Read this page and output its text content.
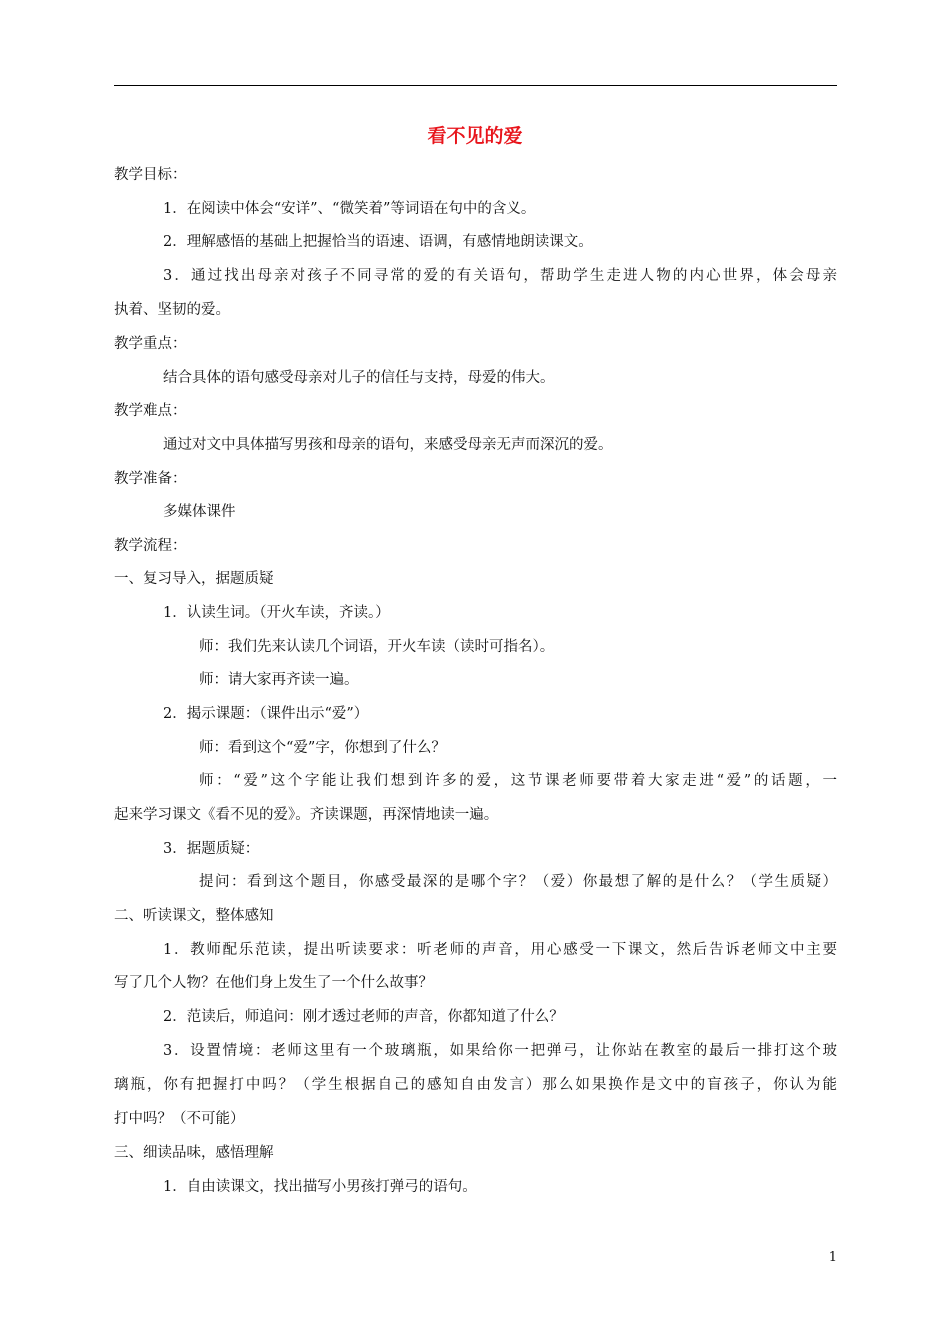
看不见的爱
教学目标：
1．在阅读中体会“安详”、“微笑着”等词语在句中的含义。
2．理解感悟的基础上把握恰当的语速、语调，有感情地朗读课文。
3．通过找出母亲对孩子不同寻常的爱的有关语句，帮助学生走进人物的内心世界，体会母亲
执着、坚韧的爱。
教学重点：
结合具体的语句感受母亲对儿子的信任与支持，母爱的伟大。
教学难点：
通过对文中具体描写男孩和母亲的语句，来感受母亲无声而深沉的爱。
教学准备：
多媒体课件
教学流程：
一、复习导入，据题质疑
1．认读生词。（开火车读，齐读。）
师：我们先来认读几个词语，开火车读（读时可指名）。
师：请大家再齐读一遍。
2．揭示课题：（课件出示“爱”）
师：看到这个“爱”字，你想到了什么？
师：“爱”这个字能让我们想到许多的爱，这节课老师要带着大家走进“爱”的话题，一
起来学习课文《看不见的爱》。齐读课题，再深情地读一遍。
3．据题质疑：
提问：看到这个题目，你感受最深的是哪个字？（爱）你最想了解的是什么？（学生质疑）
二、听读课文，整体感知
1．教师配乐范读，提出听读要求：听老师的声音，用心感受一下课文，然后告诉老师文中主要
写了几个人物？在他们身上发生了一个什么故事？
2．范读后，师追问：刚才透过老师的声音，你都知道了什么？
3．设置情境：老师这里有一个玻璃瓶，如果给你一把弹弓，让你站在教室的最后一排打这个玻
璃瓶，你有把握打中吗？（学生根据自己的感知自由发言）那么如果换作是文中的盲孩子，你认为能
打中吗？（不可能）
三、细读品味，感悟理解
1．自由读课文，找出描写小男孩打弹弓的语句。
1
